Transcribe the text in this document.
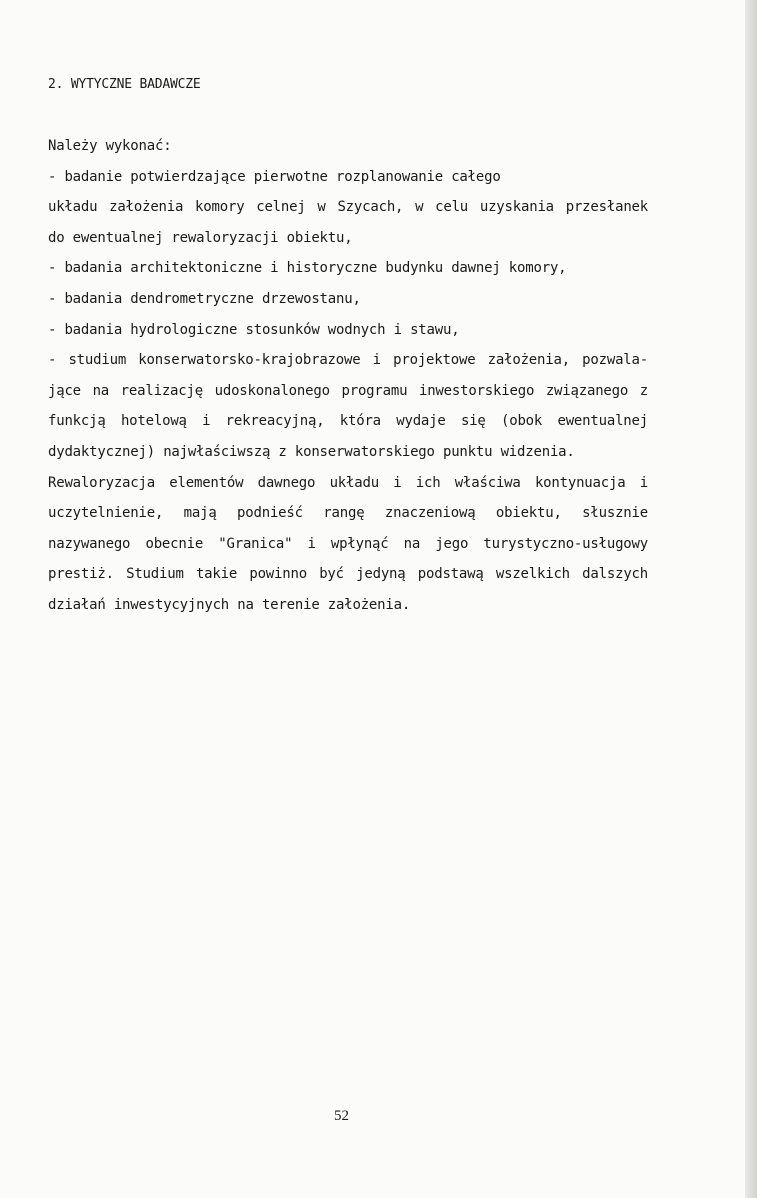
2. WYTYCZNE BADAWCZE
Należy wykonać:
- badanie potwierdzające pierwotne rozplanowanie całego
układu założenia komory celnej w Szycach, w celu uzyskania przesłanek
do ewentualnej rewaloryzacji obiektu,
- badania architektoniczne i historyczne budynku dawnej komory,
- badania dendrometryczne drzewostanu,
- badania hydrologiczne stosunków wodnych i stawu,
- studium konserwatorsko-krajobrazowe i projektowe założenia, pozwala-
jące na realizację udoskonalonego programu inwestorskiego związanego z
funkcją hotelową i rekreacyjną, która wydaje się (obok ewentualnej
dydaktycznej) najwłaściwszą z konserwatorskiego punktu widzenia.
Rewaloryzacja elementów dawnego układu i ich właściwa kontynuacja i
uczytelnienie, mają podnieść rangę znaczeniową obiektu, słusznie
nazywanego obecnie "Granica" i wpłynąć na jego turystyczno-usługowy
prestiż. Studium takie powinno być jedyną podstawą wszelkich dalszych
działań inwestycyjnych na terenie założenia.
52
